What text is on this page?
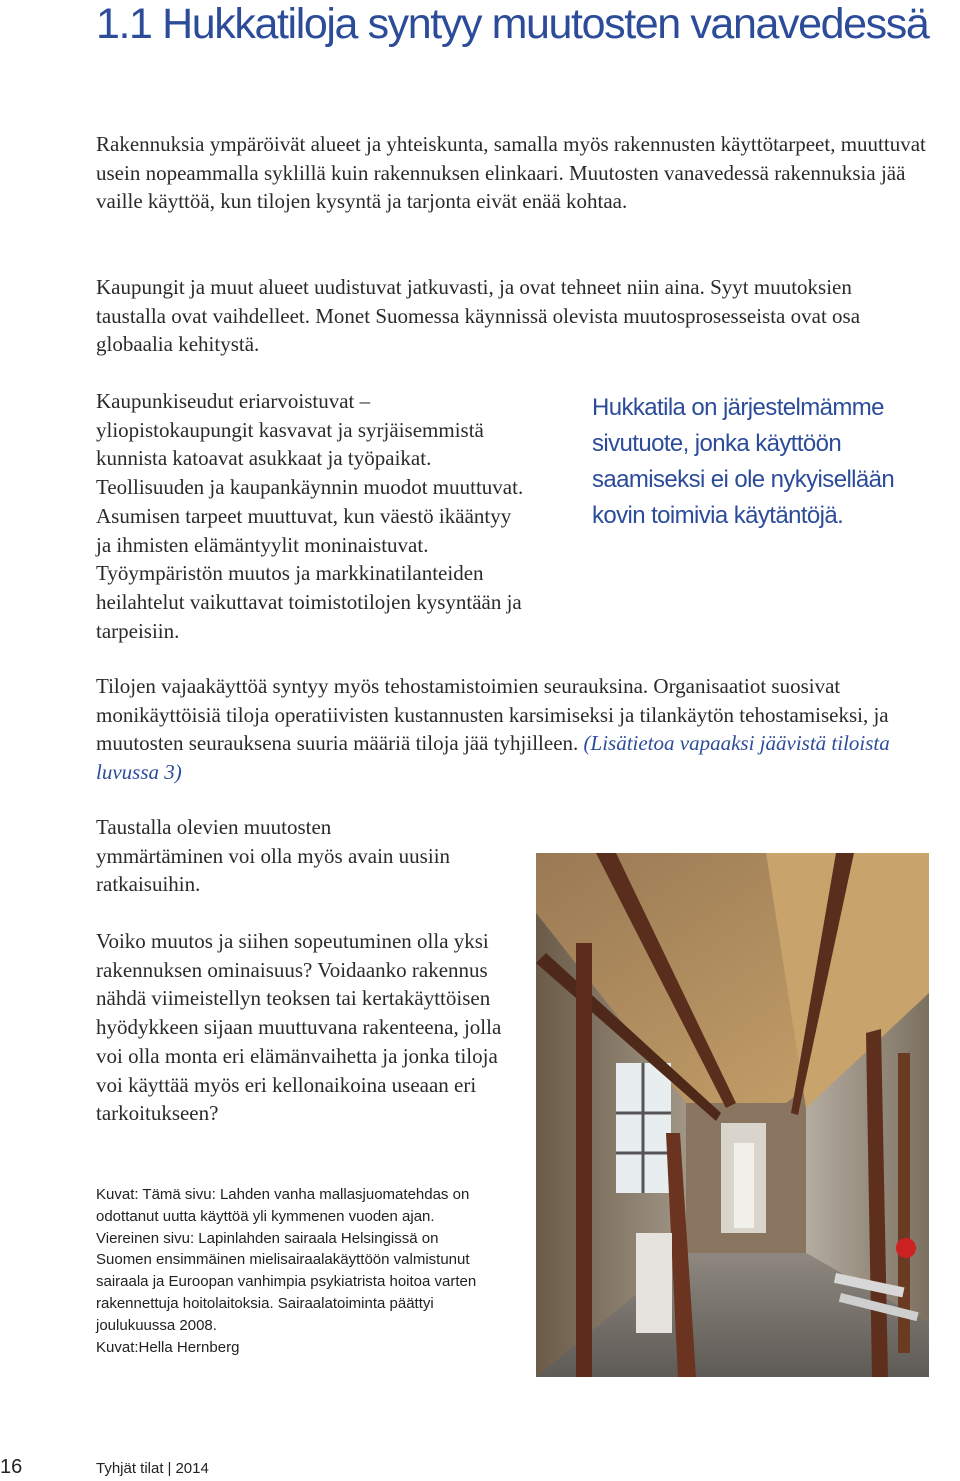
1.1 Hukkatiloja syntyy muutosten vanavedessä

Rakennuksia ympäröivät alueet ja yhteiskunta, samalla myös rakennusten käyttötarpeet, muuttuvat usein nopeammalla syklillä kuin rakennuksen elinkaari. Muutosten vanavedessä rakennuksia jää vaille käyttöä, kun tilojen kysyntä ja tarjonta eivät enää kohtaa.

Kaupungit ja muut alueet uudistuvat jatkuvasti, ja ovat tehneet niin aina. Syyt muutoksien taustalla ovat vaihdelleet. Monet Suomessa käynnissä olevista muutosprosesseista ovat osa globaalia kehitystä.

Kaupunkiseudut eriarvoistuvat – yliopistokaupungit kasvavat ja syrjäisemmistä kunnista katoavat asukkaat ja työpaikat. Teollisuuden ja kaupankäynnin muodot muuttuvat. Asumisen tarpeet muuttuvat, kun väestö ikääntyy ja ihmisten elämäntyylit moninaistuvat. Työympäristön muutos ja markkinatilanteiden heilahtelut vaikuttavat toimistotilojen kysyntään ja tarpeisiin.

Hukkatila on järjestelmämme sivutuote, jonka käyttöön saamiseksi ei ole nykyisellään kovin toimivia käytäntöjä.

Tilojen vajaakäyttöä syntyy myös tehostamistoimien seurauksina. Organisaatiot suosivat monikäyttöisiä tiloja operatiivisten kustannusten karsimiseksi ja tilankäytön tehostamiseksi, ja muutosten seurauksena suuria määriä tiloja jää tyhjilleen. (Lisätietoa vapaaksi jäävistä tiloista luvussa 3)

Taustalla olevien muutosten ymmärtäminen voi olla myös avain uusiin ratkaisuihin.

Voiko muutos ja siihen sopeutuminen olla yksi rakennuksen ominaisuus? Voidaanko rakennus nähdä viimeistellyn teoksen tai kertakäyttöisen hyödykkeen sijaan muuttuvana rakenteena, jolla voi olla monta eri elämänvaihetta ja jonka tiloja voi käyttää myös eri kellonaikoina useaan eri tarkoitukseen?

Kuvat: Tämä sivu: Lahden vanha mallasjuomatehdas on odottanut uutta käyttöä yli kymmenen vuoden ajan.
Viereinen sivu: Lapinlahden sairaala Helsingissä on Suomen ensimmäinen mielisairaalakäyttöön valmistunut sairaala ja Euroopan vanhimpia psykiatrista hoitoa varten rakennettuja hoitolaitoksia. Sairaalatoiminta päättyi joulukuussa 2008.
Kuvat:Hella Hernberg
16	Tyhjät tilat | 2014
